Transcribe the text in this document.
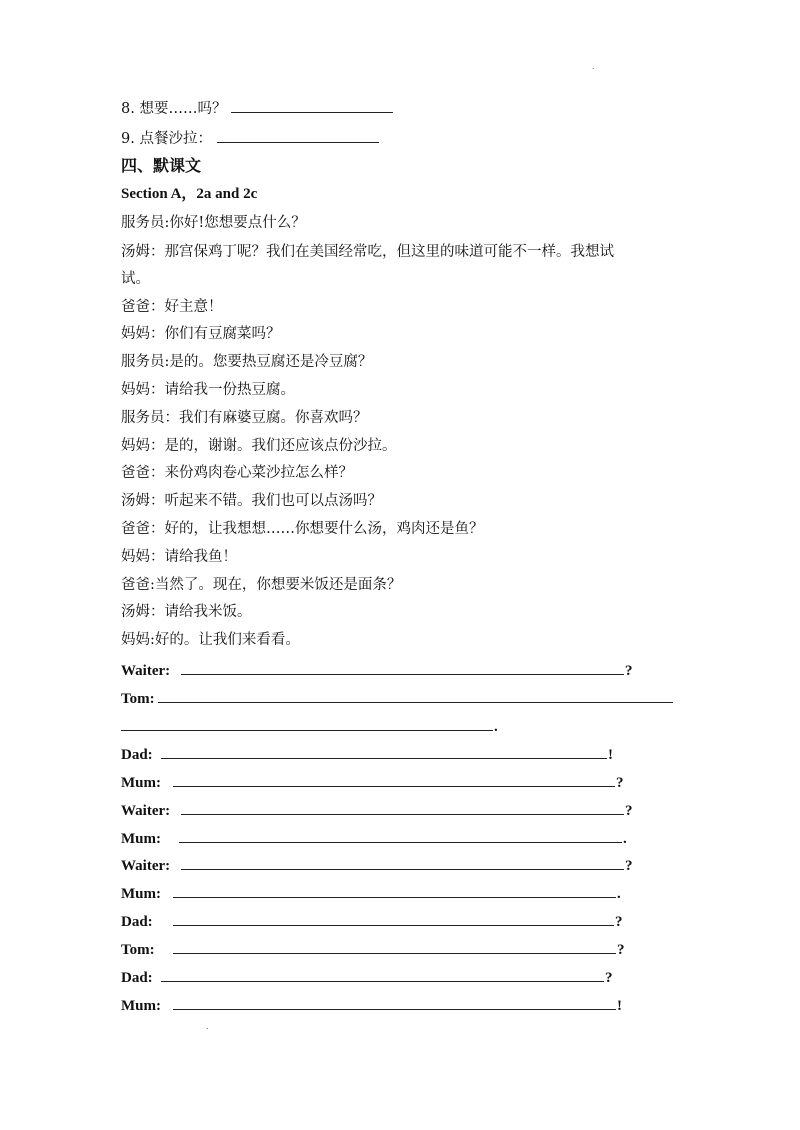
.
8. 想要……吗？
9. 点餐沙拉：
四、默课文
Section A，2a and 2c
服务员:你好!您想要点什么？
汤姆：那宫保鸡丁呢？我们在美国经常吃，但这里的味道可能不一样。我想试
试。
爸爸：好主意！
妈妈：你们有豆腐菜吗？
服务员:是的。您要热豆腐还是冷豆腐？
妈妈：请给我一份热豆腐。
服务员：我们有麻婆豆腐。你喜欢吗？
妈妈：是的，谢谢。我们还应该点份沙拉。
爸爸：来份鸡肉卷心菜沙拉怎么样？
汤姆：听起来不错。我们也可以点汤吗？
爸爸：好的，让我想想……你想要什么汤，鸡肉还是鱼？
妈妈：请给我鱼！
爸爸:当然了。现在，你想要米饭还是面条？
汤姆：请给我米饭。
妈妈:好的。让我们来看看。
Waiter:	?
Tom:
.
Dad:	!
Mum:	?
Waiter:	?
Mum:	.
Waiter:	?
Mum:	.
Dad:	?
Tom:	?
Dad:	?
Mum:	!
.
